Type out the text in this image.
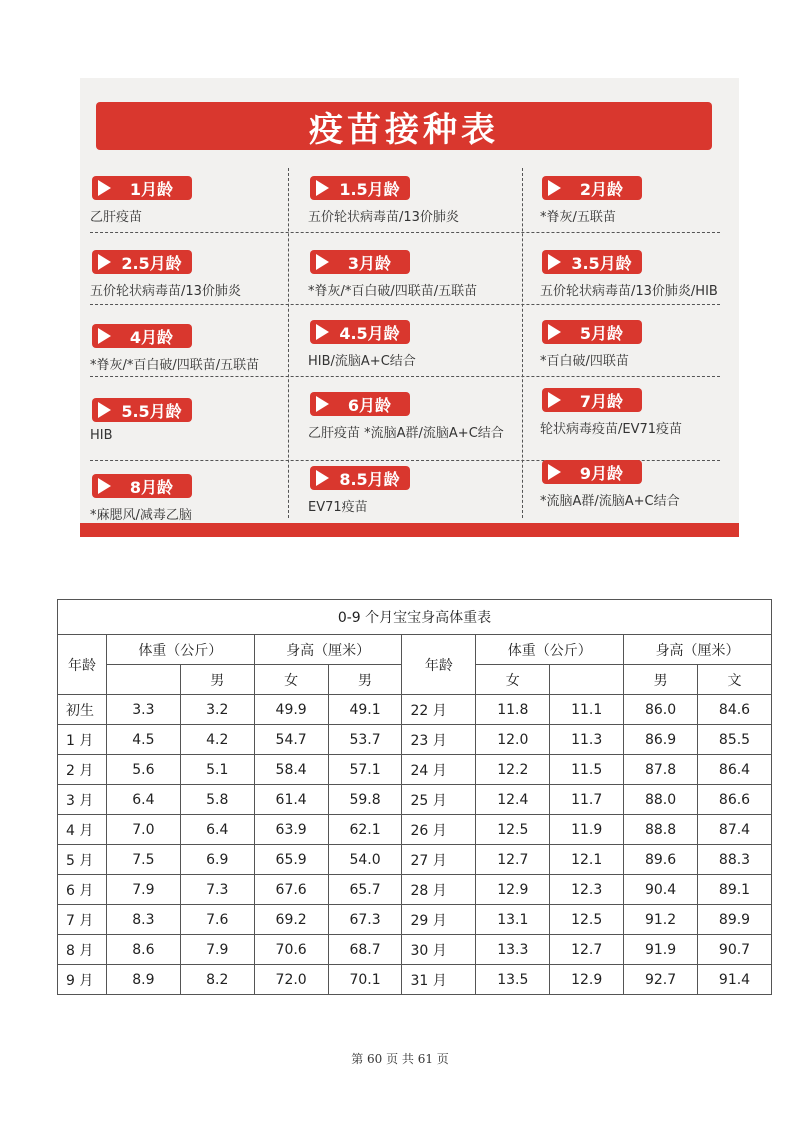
疫苗接种表
1月龄
乙肝疫苗
1.5月龄
五价轮状病毒苗/13价肺炎
2月龄
*脊灰/五联苗
2.5月龄
五价轮状病毒苗/13价肺炎
3月龄
*脊灰/*百白破/四联苗/五联苗
3.5月龄
五价轮状病毒苗/13价肺炎/HIB
4月龄
*脊灰/*百白破/四联苗/五联苗
4.5月龄
HIB/流脑A+C结合
5月龄
*百白破/四联苗
5.5月龄
HIB
6月龄
乙肝疫苗 *流脑A群/流脑A+C结合
7月龄
轮状病毒疫苗/EV71疫苗
8月龄
*麻腮风/减毒乙脑
8.5月龄
EV71疫苗
9月龄
*流脑A群/流脑A+C结合
0-9 个月宝宝身高体重表									
年龄	体重（公斤）		身高（厘米）		年龄	体重（公斤）		身高（厘米）	
		男	女	男		女		男	文
初生	3.3	3.2	49.9	49.1	22 月	11.8	11.1	86.0	84.6
1 月	4.5	4.2	54.7	53.7	23 月	12.0	11.3	86.9	85.5
2 月	5.6	5.1	58.4	57.1	24 月	12.2	11.5	87.8	86.4
3 月	6.4	5.8	61.4	59.8	25 月	12.4	11.7	88.0	86.6
4 月	7.0	6.4	63.9	62.1	26 月	12.5	11.9	88.8	87.4
5 月	7.5	6.9	65.9	54.0	27 月	12.7	12.1	89.6	88.3
6 月	7.9	7.3	67.6	65.7	28 月	12.9	12.3	90.4	89.1
7 月	8.3	7.6	69.2	67.3	29 月	13.1	12.5	91.2	89.9
8 月	8.6	7.9	70.6	68.7	30 月	13.3	12.7	91.9	90.7
9 月	8.9	8.2	72.0	70.1	31 月	13.5	12.9	92.7	91.4
第 60 页 共 61 页
